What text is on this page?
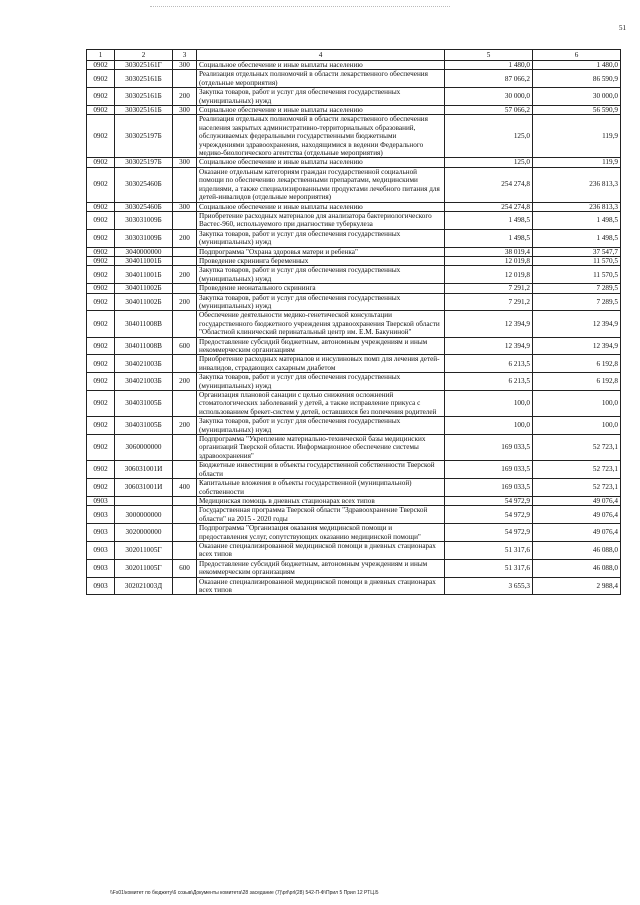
51
1	2	3	4	5	6
0902	303025161Г	300	Социальное обеспечение и иные выплаты населению	1 480,0	1 480,0
0902	303025161Б		Реализация отдельных полномочий в области лекарственного обеспечения (отдельные мероприятия)	87 066,2	86 590,9
0902	303025161Б	200	Закупка товаров, работ и услуг для обеспечения государственных (муниципальных) нужд	30 000,0	30 000,0
0902	303025161Б	300	Социальное обеспечение и иные выплаты населению	57 066,2	56 590,9
0902	303025197Б		Реализация отдельных полномочий в области лекарственного обеспечения населения закрытых административно-территориальных образований, обслуживаемых федеральными государственными бюджетными учреждениями здравоохранения, находящимися в ведении Федерального медико-биологического агентства (отдельные мероприятия)	125,0	119,9
0902	303025197Б	300	Социальное обеспечение и иные выплаты населению	125,0	119,9
0902	303025460Б		Оказание отдельным категориям граждан государственной социальной помощи по обеспечению лекарственными препаратами, медицинскими изделиями, а также специализированными продуктами лечебного питания для детей-инвалидов (отдельные мероприятия)	254 274,8	236 813,3
0902	303025460Б	300	Социальное обеспечение и иные выплаты населению	254 274,8	236 813,3
0902	303031009Б		Приобретение расходных материалов для анализатора бактериологического Вастес-960, используемого при диагностике туберкулеза	1 498,5	1 498,5
0902	303031009Б	200	Закупка товаров, работ и услуг для обеспечения государственных (муниципальных) нужд	1 498,5	1 498,5
0902	3040000000		Подпрограмма "Охрана здоровья матери и ребенка"	38 019,4	37 547,7
0902	304011001Б		Проведение скрининга беременных	12 019,8	11 570,5
0902	304011001Б	200	Закупка товаров, работ и услуг для обеспечения государственных (муниципальных) нужд	12 019,8	11 570,5
0902	304011002Б		Проведение неонатального скрининга	7 291,2	7 289,5
0902	304011002Б	200	Закупка товаров, работ и услуг для обеспечения государственных (муниципальных) нужд	7 291,2	7 289,5
0902	304011008В		Обеспечение деятельности медико-генетической консультации государственного бюджетного учреждения здравоохранения Тверской области "Областной клинический перинатальный центр им. Е.М. Бакуниной"	12 394,9	12 394,9
0902	304011008В	600	Предоставление субсидий бюджетным, автономным учреждениям и иным некоммерческим организациям	12 394,9	12 394,9
0902	304021003Б		Приобретение расходных материалов и инсулиновых помп для лечения детей-инвалидов, страдающих сахарным диабетом	6 213,5	6 192,8
0902	304021003Б	200	Закупка товаров, работ и услуг для обеспечения государственных (муниципальных) нужд	6 213,5	6 192,8
0902	304031005Б		Организация плановой санации с целью снижения осложнений стоматологических заболеваний у детей, а также исправление прикуса с использованием брекет-систем у детей, оставшихся без попечения родителей	100,0	100,0
0902	304031005Б	200	Закупка товаров, работ и услуг для обеспечения государственных (муниципальных) нужд	100,0	100,0
0902	3060000000		Подпрограмма "Укрепление материально-технической базы медицинских организаций Тверской области. Информационное обеспечение системы здравоохранения"	169 033,5	52 723,1
0902	306031001И		Бюджетные инвестиции в объекты государственной собственности Тверской области	169 033,5	52 723,1
0902	306031001И	400	Капитальные вложения в объекты государственной (муниципальной) собственности	169 033,5	52 723,1
0903			Медицинская помощь в дневных стационарах всех типов	54 972,9	49 076,4
0903	3000000000		Государственная программа Тверской области "Здравоохранение Тверской области" на 2015 - 2020 годы	54 972,9	49 076,4
0903	3020000000		Подпрограмма "Организация оказания медицинской помощи и предоставления услуг, сопутствующих оказанию медицинской помощи"	54 972,9	49 076,4
0903	302011005Г		Оказание специализированной медицинской помощи в дневных стационарах всех типов	51 317,6	46 088,0
0903	302011005Г	600	Предоставление субсидий бюджетным, автономным учреждениям и иным некоммерческим организациям	51 317,6	46 088,0
0903	302021003Д		Оказание специализированной медицинской помощи в дневных стационарах всех типов	3 655,3	2 988,4
\\Fs01\комитет по бюджету\6 созыв\Документы комитета\28 заседание (7)\prl\prl(28) 542-П-Ф\Прил 5 Прил 12 РТЦ.Б
